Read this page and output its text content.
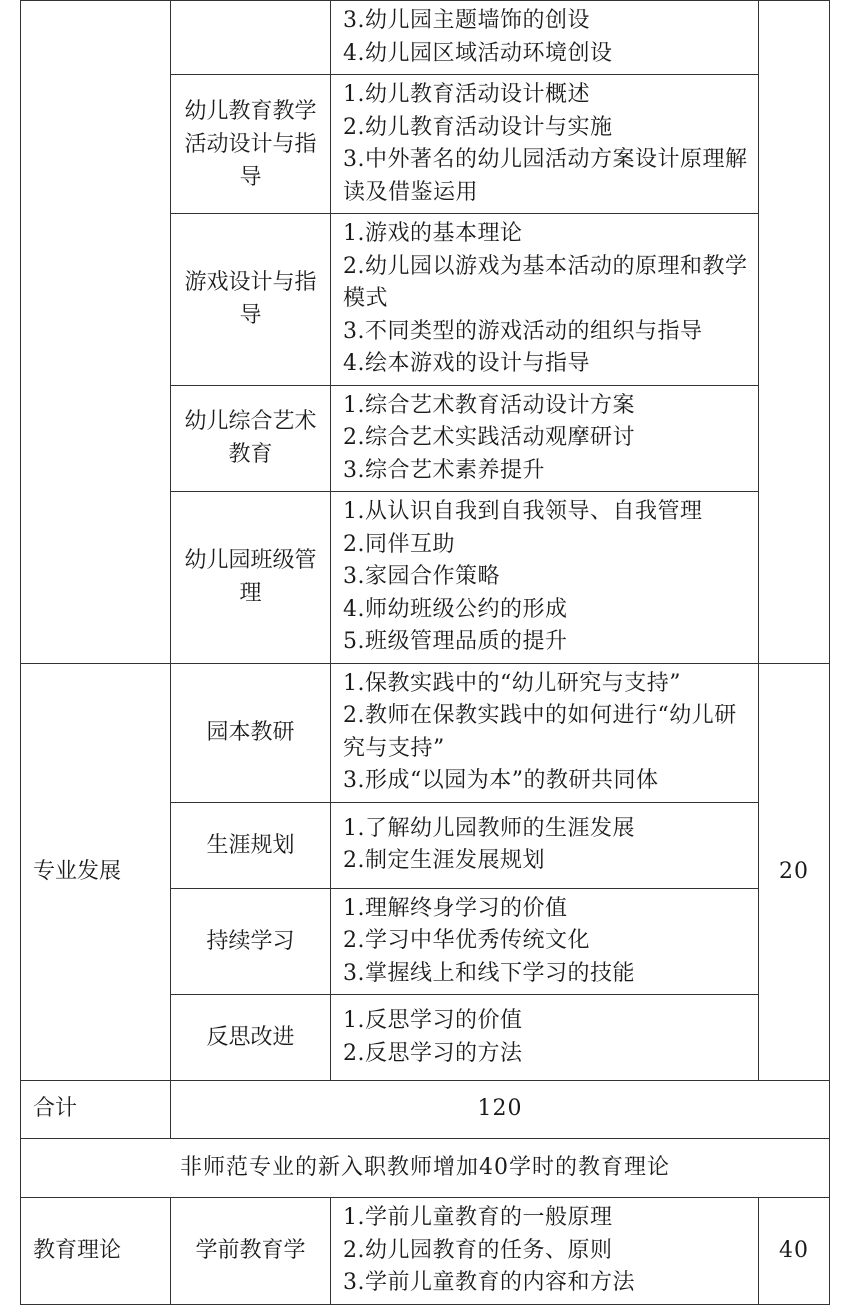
		3.幼儿园主题墙饰的创设
4.幼儿园区域活动环境创设	

	幼儿教育教学活动设计与指导	1.幼儿教育活动设计概述
2.幼儿教育活动设计与实施
3.中外著名的幼儿园活动方案设计原理解读及借鉴运用	

	游戏设计与指导	1.游戏的基本理论
2.幼儿园以游戏为基本活动的原理和教学模式
3.不同类型的游戏活动的组织与指导
4.绘本游戏的设计与指导	

	幼儿综合艺术教育	1.综合艺术教育活动设计方案
2.综合艺术实践活动观摩研讨
3.综合艺术素养提升	

	幼儿园班级管理	1.从认识自我到自我领导、自我管理
2.同伴互助
3.家园合作策略
4.师幼班级公约的形成
5.班级管理品质的提升	

专业发展	园本教研	1.保教实践中的“幼儿研究与支持”
2.教师在保教实践中的如何进行“幼儿研究与支持”
3.形成“以园为本”的教研共同体	20
	生涯规划	1.了解幼儿园教师的生涯发展
2.制定生涯发展规划	

	持续学习	1.理解终身学习的价值
2.学习中华优秀传统文化
3.掌握线上和线下学习的技能	

	反思改进	1.反思学习的价值
2.反思学习的方法	

合计	120		
非师范专业的新入职教师增加40学时的教育理论			
教育理论	学前教育学	1.学前儿童教育的一般原理
2.幼儿园教育的任务、原则
3.学前儿童教育的内容和方法	40
